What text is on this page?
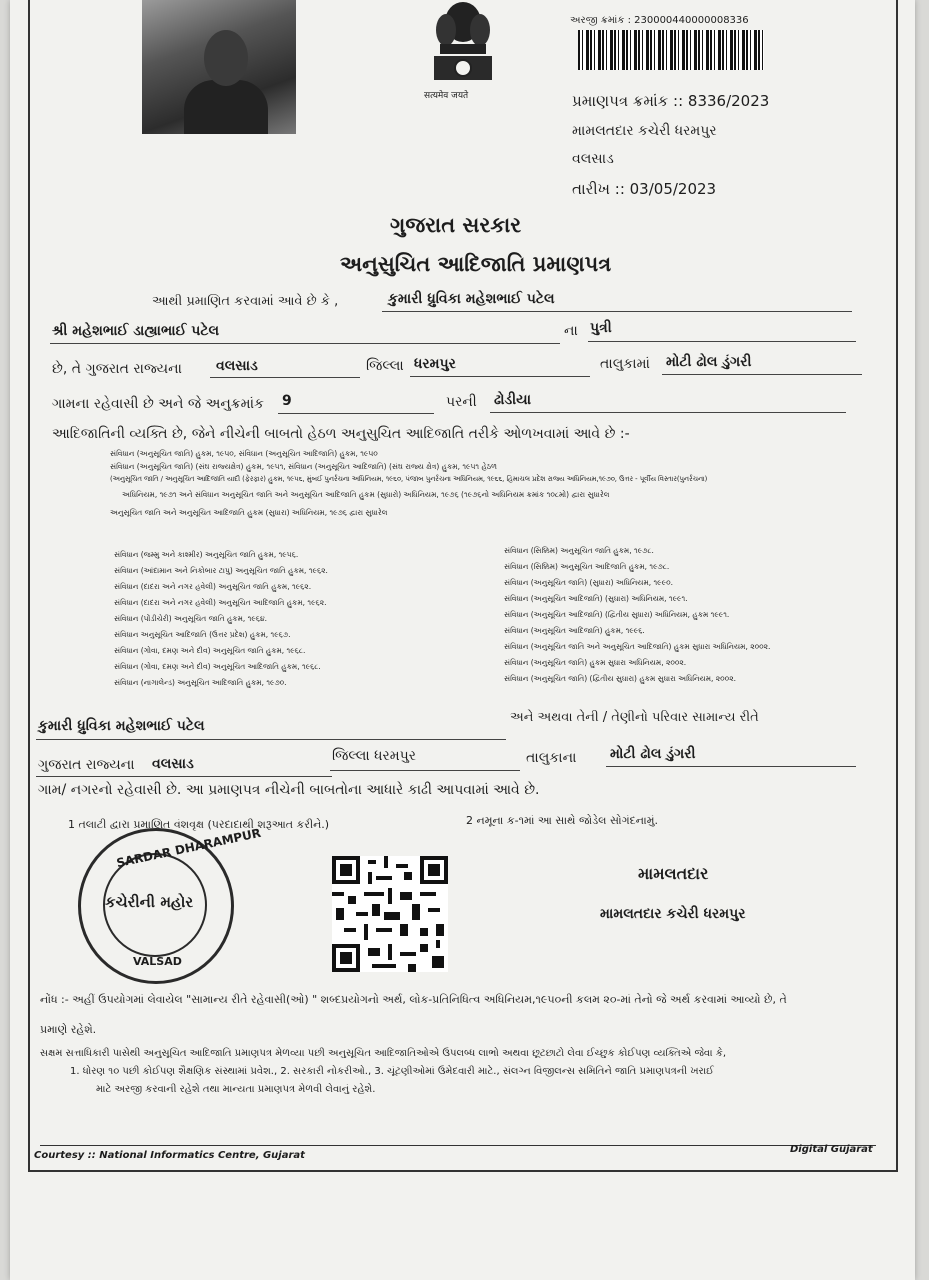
सत्यमेव जयते
અરજી ક્રમાંક : 230000440000008336
પ્રમાણપત્ર ક્રમાંક :: 8336/2023
મામલતદાર કચેરી ધરમપુર
વલસાડ
તારીખ :: 03/05/2023
ગુજરાત સરકાર
અનુસુચિત આદિજાતિ પ્રમાણપત્ર
આથી પ્રમાણિત કરવામાં આવે છે કે ,	કુમારી ધ્રુવિકા મહેશભાઈ પટેલ
શ્રી મહેશભાઈ ડાહ્યાભાઈ પટેલ	ના પુત્રી
છે, તે ગુજરાત રાજ્યના વલસાડ	જિલ્લા ધરમપુર	તાલુકામાં મોટી ઢોલ ડુંગરી
ગામના રહેવાસી છે અને જે અનુક્રમાંક 9	પરની ઢોડીયા
આદિજાતિની વ્યક્તિ છે, જેને નીચેની બાબતો હેઠળ અનુસુચિત આદિજાતિ તરીકે ઓળખવામાં આવે છે :-
સંવિધાન (અનુસૂચિત જાતિ) હુકમ, ૧૯૫૦, સંવિધાન (અનુસૂચિત આદિજાતિ) હુકમ, ૧૯૫૦
સંવિધાન (અનુસૂચિત જાતિ) (સંઘ રાજ્યક્ષેત્ર) હુકમ, ૧૯૫૧, સંવિધાન (અનુસૂચિત આદિજાતિ) (સંઘ રાજ્ય ક્ષેત્ર) હુકમ, ૧૯૫૧ હેઠળ
(અનુસૂચિત જાતિ / અનુસૂચિત આદિજાતિ યાદી (ફેરફાર) હુકમ, ૧૯૫૬, મુંબઈ પુનર્રચના અધિનિયમ, ૧૯૬૦, પંજાબ પુનર્રચના અધિનિયમ, ૧૯૬૬, હિમાચલ પ્રદેશ રાજ્ય અધિનિયમ,૧૯૭૦, ઉત્તર - પૂર્વીય વિસ્તાર(પુનર્રચના)
અધિનિયમ, ૧૯૭૧ અને સંવિધાન અનુસૂચિત જાતિ અને અનુસૂચિત આદિજાતિ હુકમ (સુધારો) અધિનિયમ, ૧૯૭૬ (૧૯૭૬નો અધિનિયમ ક્રમાંક ૧૦૮મો) દ્વારા સુધારેલ
અનુસૂચિત જાતિ અને અનુસૂચિત આદિજાતિ હુકમ (સુધારા) અધિનિયમ, ૧૯૭૬ દ્વારા સુધારેલ
સંવિધાન (જમ્મુ અને કાશ્મીર) અનુસૂચિત જાતિ હુકમ, ૧૯૫૬.
સંવિધાન (આંદામાન અને નિકોબાર ટાપુ) અનુસૂચિત જાતિ હુકમ, ૧૯૬૨.
સંવિધાન (દાદરા અને નગર હવેલી) અનુસૂચિત જાતિ હુકમ, ૧૯૬૨.
સંવિધાન (દાદરા અને નગર હવેલી) અનુસૂચિત આદિજાતિ હુકમ, ૧૯૬૨.
સંવિધાન (પોંડીચેરી) અનુસૂચિત જાતિ હુકમ, ૧૯૬૪.
સંવિધાન અનુસૂચિત આદિજાતિ (ઉત્તર પ્રદેશ) હુકમ, ૧૯૬૭.
સંવિધાન (ગોવા, દમણ અને દીવ) અનુસૂચિત જાતિ હુકમ, ૧૯૬૮.
સંવિધાન (ગોવા, દમણ અને દીવ) અનુસૂચિત આદિજાતિ હુકમ, ૧૯૬૮.
સંવિધાન (નાગાલેન્ડ) અનુસૂચિત આદિજાતિ હુકમ, ૧૯૭૦.
સંવિધાન (સિક્કિમ) અનુસૂચિત જાતિ હુકમ, ૧૯૭૮.
સંવિધાન (સિક્કિમ) અનુસૂચિત આદિજાતિ હુકમ, ૧૯૭૮.
સંવિધાન (અનુસૂચિત જાતિ) (સુધારા) અધિનિયમ, ૧૯૯૦.
સંવિધાન (અનુસૂચિત આદિજાતિ) (સુધારા) અધિનિયમ, ૧૯૯૧.
સંવિધાન (અનુસૂચિત આદિજાતિ) (દ્વિતીય સુધારા) અધિનિયમ, હુકમ ૧૯૯૧.
સંવિધાન (અનુસૂચિત આદિજાતિ) હુકમ, ૧૯૯૬.
સંવિધાન (અનુસૂચિત જાતિ અને અનુસૂચિત આદિજાતિ) હુકમ સુધારા અધિનિયમ, ૨૦૦૨.
સંવિધાન (અનુસૂચિત જાતિ) હુકમ સુધારા અધિનિયમ, ૨૦૦૨.
સંવિધાન (અનુસૂચિત જાતિ) (દ્વિતીય સુધારા) હુકમ સુધારા અધિનિયમ, ૨૦૦૨.
કુમારી ધ્રુવિકા મહેશભાઈ પટેલ
અને અથવા તેની / તેણીનો પરિવાર સામાન્ય રીતે
ગુજરાત રાજ્યના વલસાડ	જિલ્લા ધરમપુર	તાલુકાના મોટી ઢોલ ડુંગરી
ગામ/ નગરનો રહેવાસી છે. આ પ્રમાણપત્ર નીચેની બાબતોના આધારે કાઢી આપવામાં આવે છે.
1 તલાટી દ્વારા પ્રમાણિત વંશવૃક્ષ (પરદાદાથી શરૂઆત કરીને.)	2 નમૂના ક-૧માં આ સાથે જોડેલ સોગંદનામું.
SARDAR DHARAMPUR
કચેરીની મહોર
VALSAD
મામલતદાર
મામલતદાર કચેરી ધરમપુર
નોંધ :- અહીં ઉપયોગમાં લેવાયેલ "સામાન્ય રીતે રહેવાસી(ઓ) " શબ્દપ્રયોગનો અર્થ, લોક-પ્રતિનિધિત્વ અધિનિયમ,૧૯૫૦ની કલમ ૨૦-માં તેનો જે અર્થ કરવામાં આવ્યો છે, તે
પ્રમાણે રહેશે.
સક્ષમ સત્તાધિકારી પાસેથી અનુસૂચિત આદિજાતિ પ્રમાણપત્ર મેળવ્યા પછી અનુસૂચિત આદિજાતિઓએ ઉપલબ્ધ લાભો અથવા છૂટછાટો લેવા ઈચ્છુક કોઈપણ વ્યક્તિએ જેવા કે,
1. ધોરણ ૧૦ પછી કોઈપણ શૈક્ષણિક સંસ્થામાં પ્રવેશ., 2. સરકારી નોકરીઓ., 3. ચૂંટણીઓમાં ઉમેદવારી માટે., સંલગ્ન વિજીલન્સ સમિતિને જાતિ પ્રમાણપત્રની ખરાઈ
માટે અરજી કરવાની રહેશે તથા માન્યતા પ્રમાણપત્ર મેળવી લેવાનું રહેશે.
Courtesy :: National Informatics Centre, Gujarat
Digital Gujarat
